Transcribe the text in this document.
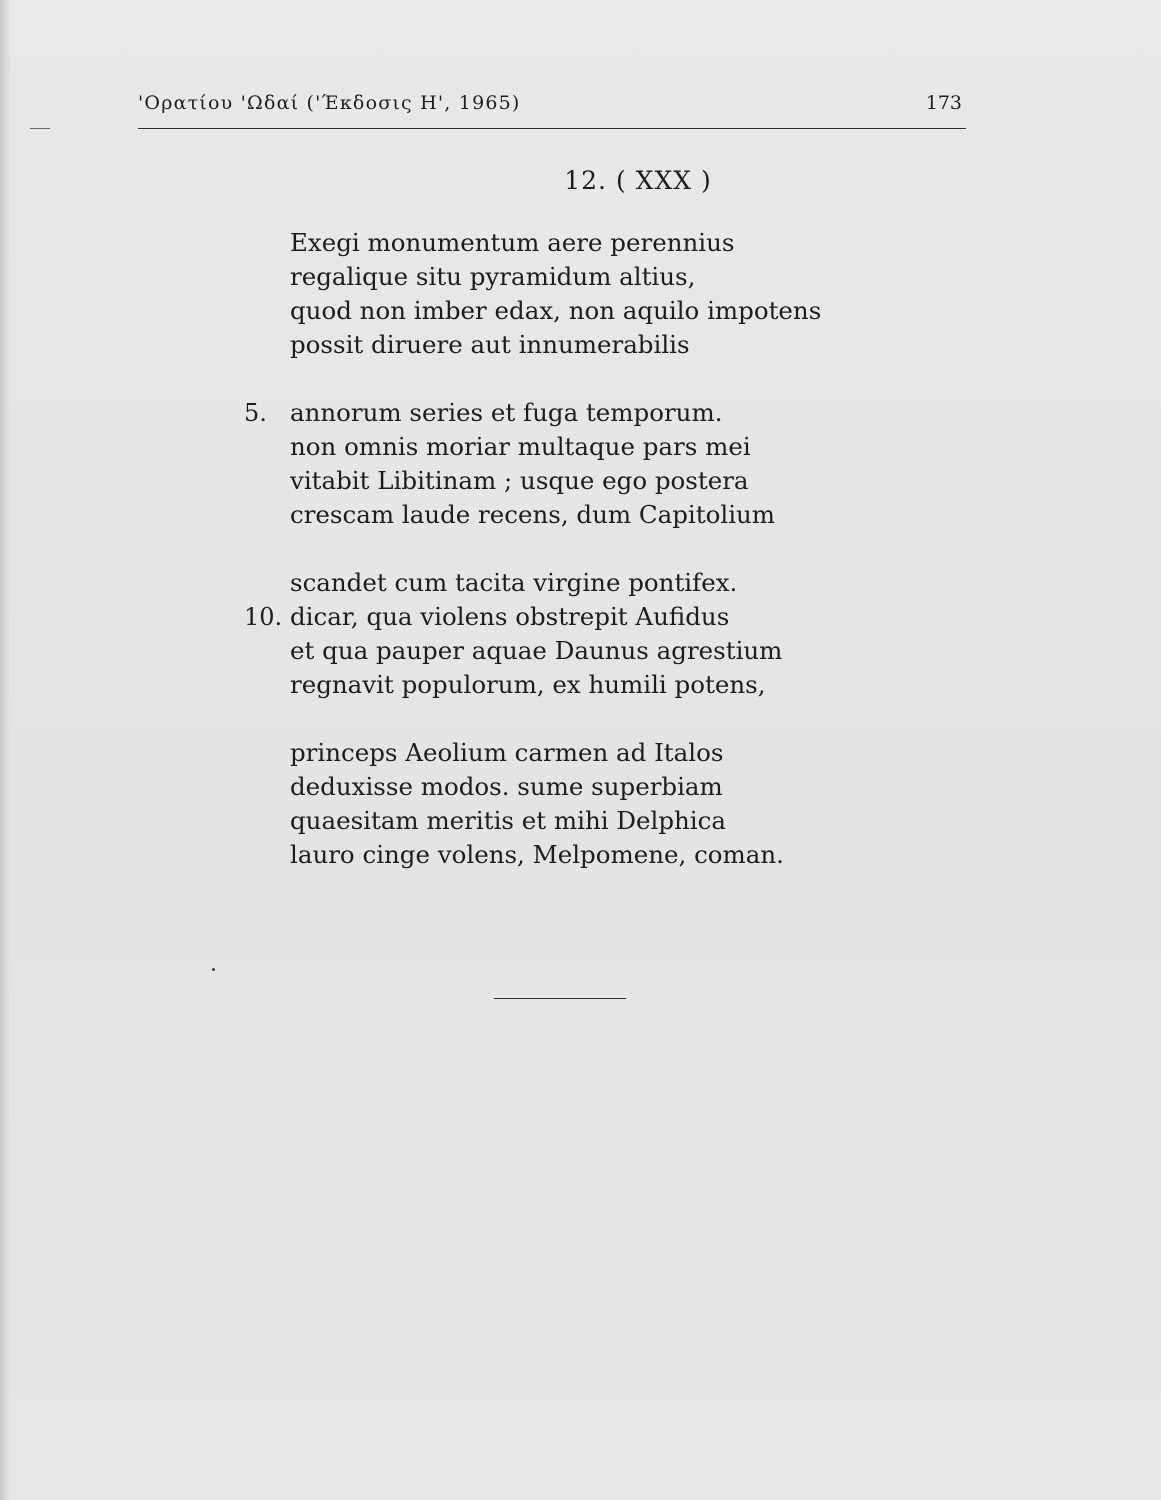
'Ορατίου 'Ωδαί ('Έκδοσις Η', 1965)	173
12. ( XXX )
Exegi monumentum aere perennius
regalique situ pyramidum altius,
quod non imber edax, non aquilo impotens
possit diruere aut innumerabilis
5. annorum series et fuga temporum.
non omnis moriar multaque pars mei
vitabit Libitinam ; usque ego postera
crescam laude recens, dum Capitolium
scandet cum tacita virgine pontifex.
10. dicar, qua violens obstrepit Aufidus
et qua pauper aquae Daunus agrestium
regnavit populorum, ex humili potens,
princeps Aeolium carmen ad Italos
deduxisse modos. sume superbiam
quaesitam meritis et mihi Delphica
lauro cinge volens, Melpomene, coman.
